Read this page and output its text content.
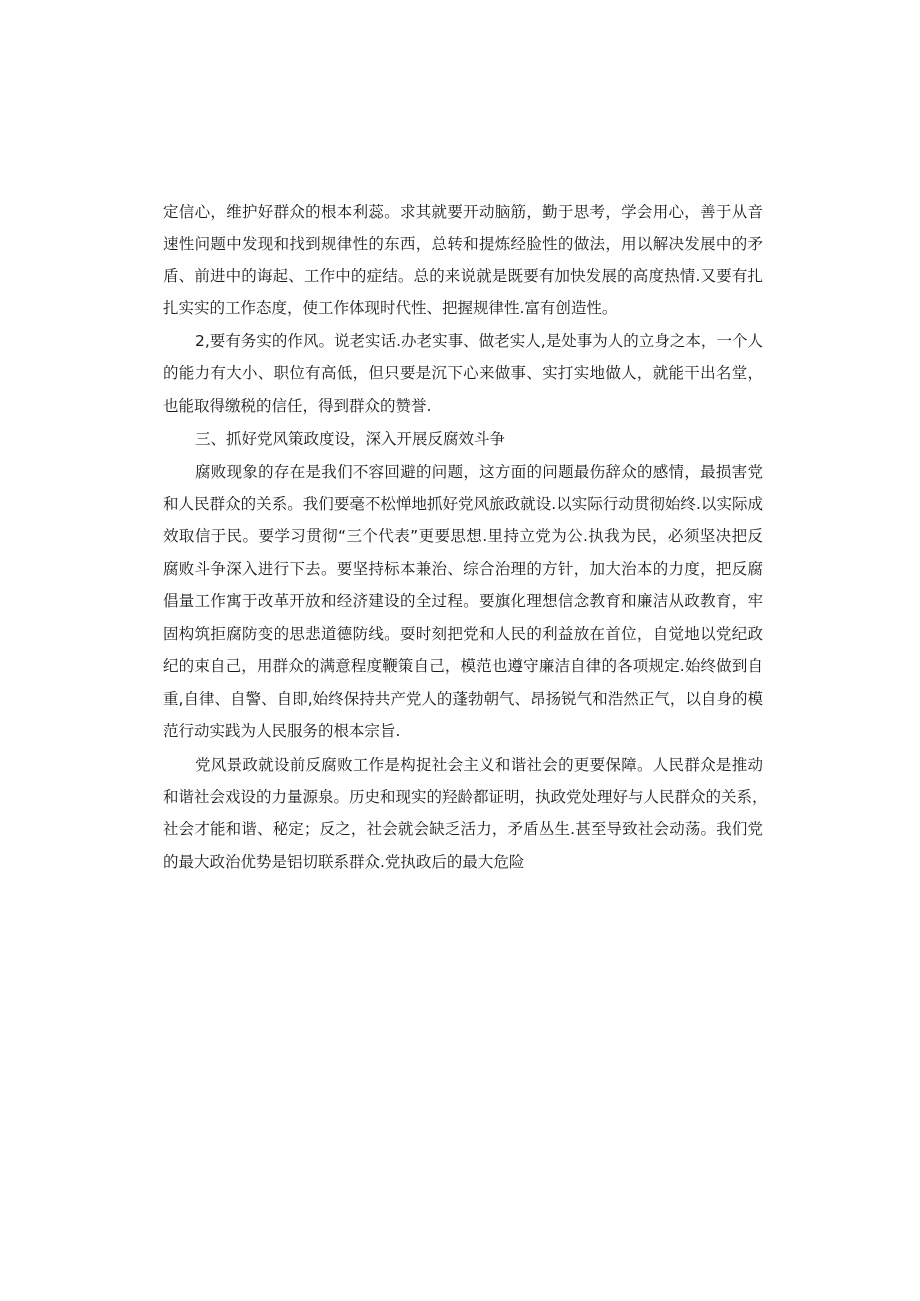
定信心，维护好群众的根本利蕊。求其就要开动脑筋，勤于思考，学会用心，善于从音
速性问题中发现和找到规律性的东西，总转和提炼经脸性的做法，用以解决发展中的矛
盾、前进中的诲起、工作中的症结。总的来说就是既要有加快发展的高度热情.又要有扎
扎实实的工作态度，使工作体现时代性、把握规律性.富有创造性。
2,要有务实的作风。说老实话.办老实事、做老实人,是处事为人的立身之本，一个人
的能力有大小、职位有高低，但只要是沉下心来做事、实打实地做人，就能干出名堂，
也能取得缴税的信任，得到群众的赞誉.
三、抓好党风策政度设，深入开展反腐效斗争
腐败现象的存在是我们不容回避的问题，这方面的问题最伤辞众的感情，最损害党
和人民群众的关系。我们要毫不松惮地抓好党风旅政就设.以实际行动贯彻始终.以实际成
效取信于民。要学习贯彻“三个代表”更要思想.里持立党为公.执我为民，必须坚决把反
腐败斗争深入进行下去。要坚持标本兼治、综合治理的方针，加大治本的力度，把反腐
倡量工作寓于改革开放和经济建设的全过程。要旗化理想信念教育和廉洁从政教育，牢
固构筑拒腐防变的思悲道德防线。耍时刻把党和人民的利益放在首位，自觉地以党纪政
纪的束自己，用群众的满意程度鞭策自己，模范也遵守廉洁自律的各项规定.始终做到自
重,自律、自警、自即,始终保持共产党人的蓬勃朝气、昂扬锐气和浩然正气，以自身的模
范行动实践为人民服务的根本宗旨.
党风景政就设前反腐败工作是构捉社会主义和谐社会的更要保障。人民群众是推动
和谐社会戏设的力量源泉。历史和现实的羟龄都证明，执政党处理好与人民群众的关系，
社会才能和谐、秘定；反之，社会就会缺乏活力，矛盾丛生.甚至导致社会动荡。我们党
的最大政治优势是铝切联系群众.党执政后的最大危险
